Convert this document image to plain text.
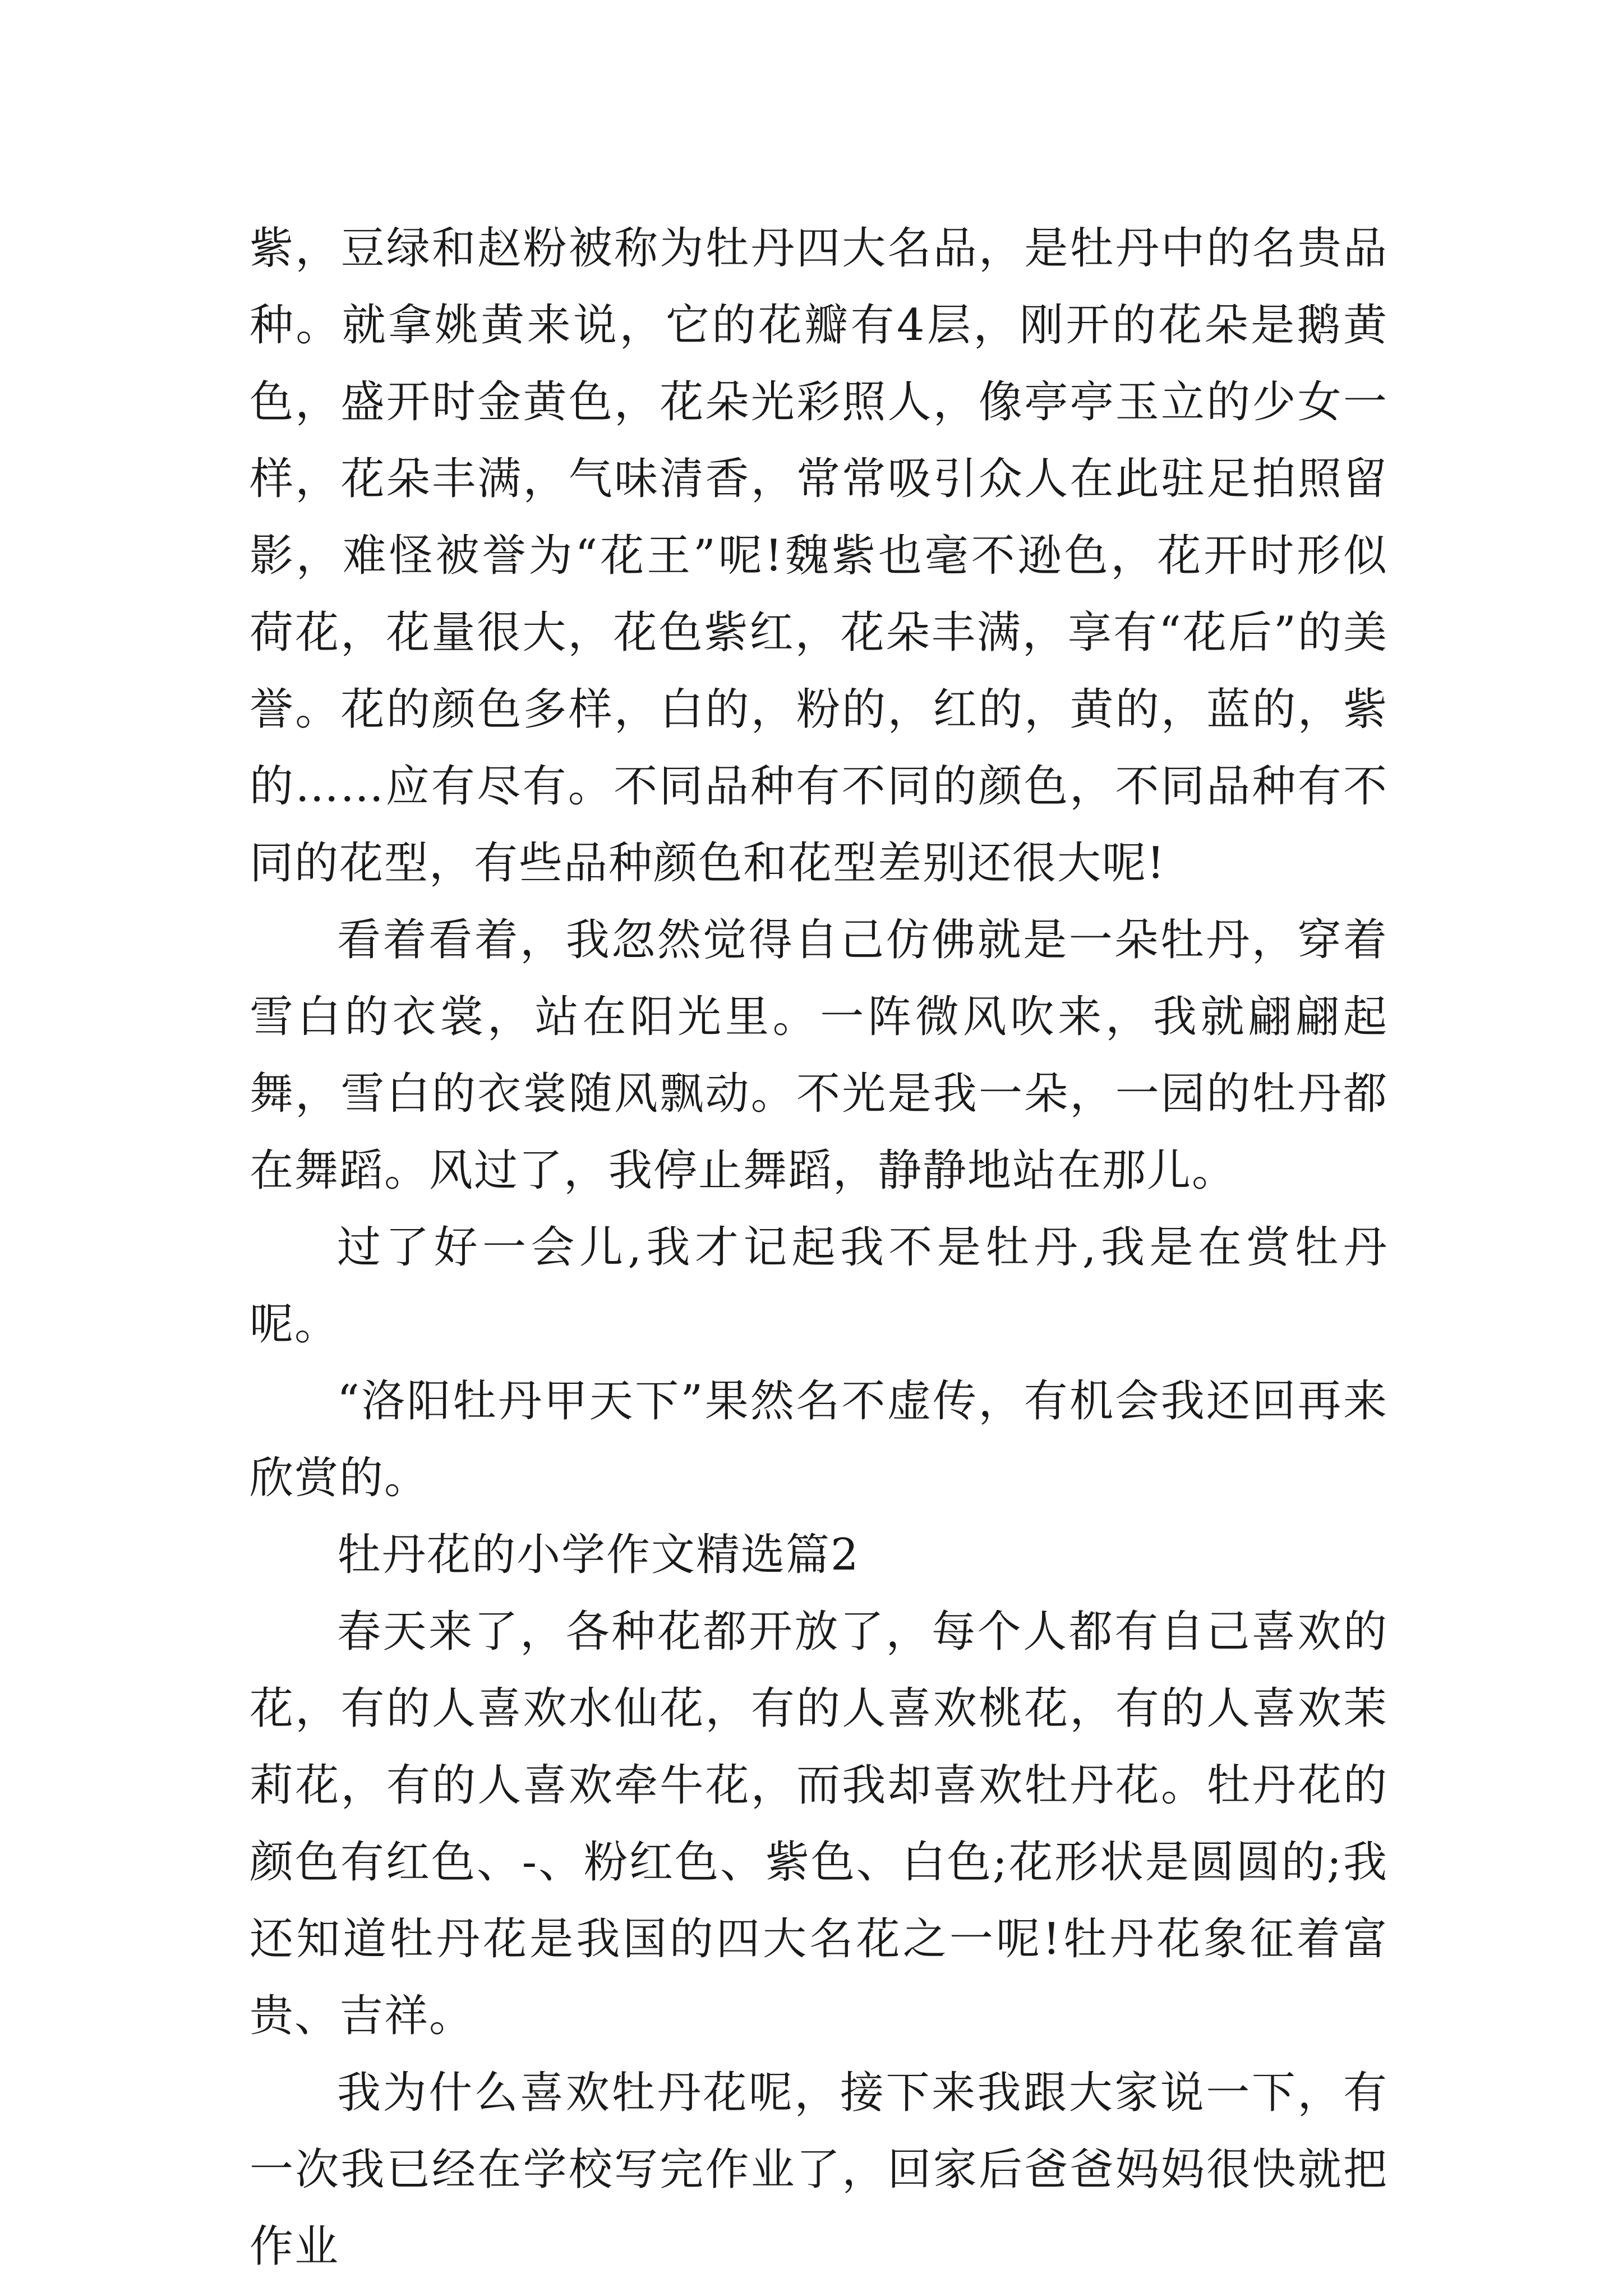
紫，豆绿和赵粉被称为牡丹四大名品，是牡丹中的名贵品种。就拿姚黄来说，它的花瓣有4层，刚开的花朵是鹅黄色，盛开时金黄色，花朵光彩照人，像亭亭玉立的少女一样，花朵丰满，气味清香，常常吸引众人在此驻足拍照留影，难怪被誉为“花王”呢!魏紫也毫不逊色，花开时形似荷花，花量很大，花色紫红，花朵丰满，享有“花后”的美誉。花的颜色多样，白的，粉的，红的，黄的，蓝的，紫的……应有尽有。不同品种有不同的颜色，不同品种有不同的花型，有些品种颜色和花型差别还很大呢!

看着看着，我忽然觉得自己仿佛就是一朵牡丹，穿着雪白的衣裳，站在阳光里。一阵微风吹来，我就翩翩起舞，雪白的衣裳随风飘动。不光是我一朵，一园的牡丹都在舞蹈。风过了，我停止舞蹈，静静地站在那儿。

过了好一会儿,我才记起我不是牡丹,我是在赏牡丹呢。

“洛阳牡丹甲天下”果然名不虚传，有机会我还回再来欣赏的。

牡丹花的小学作文精选篇2

春天来了，各种花都开放了，每个人都有自己喜欢的花，有的人喜欢水仙花，有的人喜欢桃花，有的人喜欢茉莉花，有的人喜欢牵牛花，而我却喜欢牡丹花。牡丹花的颜色有红色、-、粉红色、紫色、白色;花形状是圆圆的;我还知道牡丹花是我国的四大名花之一呢!牡丹花象征着富贵、吉祥。

我为什么喜欢牡丹花呢，接下来我跟大家说一下，有一次我已经在学校写完作业了，回家后爸爸妈妈很快就把作业
